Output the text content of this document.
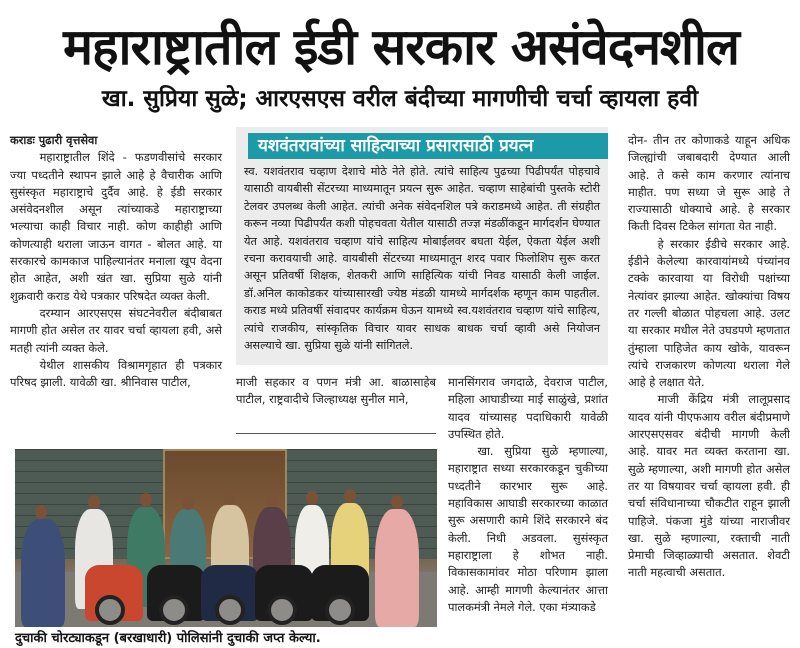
महाराष्ट्रातील ईडी सरकार असंवेदनशील
खा. सुप्रिया सुळे; आरएसएस वरील बंदीच्या मागणीची चर्चा व्हायला हवी

कराडः पुढारी वृत्तसेवा

महाराष्ट्रातील शिंदे - फडणवीसांचे सरकार ज्या पध्दतीने स्थापन झाले आहे हे वैचारीक आणि सुसंस्कृत महाराष्ट्राचे दुर्दैव आहे. हे ईडी सरकार असंवेदनशील असून त्यांच्याकडे महाराष्ट्राच्या भल्याचा काही विचार नाही. कोण काहीही आणि कोणत्याही थराला जाऊन वागत - बोलत आहे. या सरकारचे कामकाज पाहिल्यानंतर मनाला खूप वेदना होत आहेत, अशी खंत खा. सुप्रिया सुळे यांनी शुक्रवारी कराड येथे पत्रकार परिषदेत व्यक्त केली.

दरम्यान आरएसएस संघटनेवरील बंदीबाबत मागणी होत असेल तर यावर चर्चा व्हायला हवी, असे मतही त्यांनी व्यक्त केले.

येथील शासकीय विश्रामगृहात ही पत्रकार परिषद झाली. यावेळी खा. श्रीनिवास पाटील,

यशवंतरावांच्या साहित्याच्या प्रसारासाठी प्रयत्न
स्व. यशवंतराव चव्हाण देशाचे मोठे नेते होते. त्यांचे साहित्य पुढच्या पिढीपर्यंत पोहचावे यासाठी वायबीसी सेंटरच्या माध्यमातून प्रयत्न सुरू आहेत. चव्हाण साहेबांची पुस्तके स्टोरी टेलवर उपलब्ध केली आहेत. त्यांची अनेक संवेदनशिल पत्रे कराडमध्ये आहेत. ती संग्रहीत करून नव्या पिढीपर्यंत कशी पोहचवता येतील यासाठी तज्ज्ञ मंडळींकडून मार्गदर्शन घेण्यात येत आहे. यशवंतराव चव्हाण यांचे साहित्य मोबाईलवर बघता येईल, ऐकता येईल अशी रचना करावयाची आहे. वायबीसी सेंटरच्या माध्यमातून शरद पवार फिलोशिप सुरू करत असून प्रतिवर्षी शिक्षक, शेतकरी आणि साहित्यिक यांची निवड यासाठी केली जाईल. डॉ.अनिल काकोडकर यांच्यासारखी ज्येष्ठ मंडळी यामध्ये मार्गदर्शक म्हणून काम पाहतील. कराड मध्ये प्रतिवर्षी संवादपर कार्यक्रम घेऊन यामध्ये स्व.यशवंतराव चव्हाण यांचे साहित्य, त्यांचे राजकीय, सांस्कृतिक विचार यावर साधक बाधक चर्चा व्हावी असे नियोजन असल्याचे खा. सुप्रिया सुळे यांनी सांगितले.

माजी सहकार व पणन मंत्री आ. बाळासाहेब पाटील, राष्ट्रवादीचे जिल्हाध्यक्ष सुनील माने,

मानसिंगराव जगदाळे, देवराज पाटील, महिला आघाडीच्या माई साळुंखे, प्रशांत यादव यांच्यासह पदाधिकारी यावेळी उपस्थित होते.

खा. सुप्रिया सुळे म्हणाल्या, महाराष्ट्रात सध्या सरकारकडून चुकीच्या पध्दतीने कारभार सुरू आहे. महाविकास आघाडी सरकारच्या काळात सुरू असणारी कामे शिंदे सरकारने बंद केली. निधी अडवला. सुसंस्कृत महाराष्ट्राला हे शोभत नाही. विकासकामांवर मोठा परिणाम झाला आहे. आम्ही मागणी केल्यानंतर आत्ता पालकमंत्री नेमले गेले. एका मंत्र्याकडे

दोन- तीन तर कोणाकडे याहून अधिक जिल्ह्यांची जबाबदारी देण्यात आली आहे. ते कसे काम करणार त्यांनाच माहीत. पण सध्या जे सुरू आहे ते राज्यासाठी धोक्याचे आहे. हे सरकार किती दिवस टिकेल सांगता येत नाही.

हे सरकार ईडीचे सरकार आहे. ईडीने केलेल्या कारवायांमध्ये पंच्यांनव टक्के कारवाया या विरोधी पक्षांच्या नेत्यांवर झाल्या आहेत. खोक्यांचा विषय तर गल्ली बोळात पोहचला आहे. उलट या सरकार मधील नेते उघडपणे म्हणतात तुंम्हाला पाहिजेत काय खोके, यावरून त्यांचे राजकारण कोणत्या थराला गेले आहे हे लक्षात येते.

माजी केंद्रिय मंत्री लालूप्रसाद यादव यांनी पीएफआय वरील बंदीप्रमाणे आरएसएसवर बंदीची मागणी केली आहे. यावर मत व्यक्त करताना खा. सुळे म्हणाल्या, अशी मागणी होत असेल तर या विषयावर चर्चा व्हायला हवी. ही चर्चा संविधानाच्या चौकटीत राहून झाली पाहिजे. पंकजा मुंडे यांच्या नाराजीवर खा. सुळे म्हणाल्या, रक्ताची नाती प्रेमाची जिव्हाळ्याची असतात. शेवटी नाती महत्वाची असतात.

दुचाकी चोरट्याकडून (बरखाधारी) पोलिसांनी दुचाकी जप्त केल्या.
